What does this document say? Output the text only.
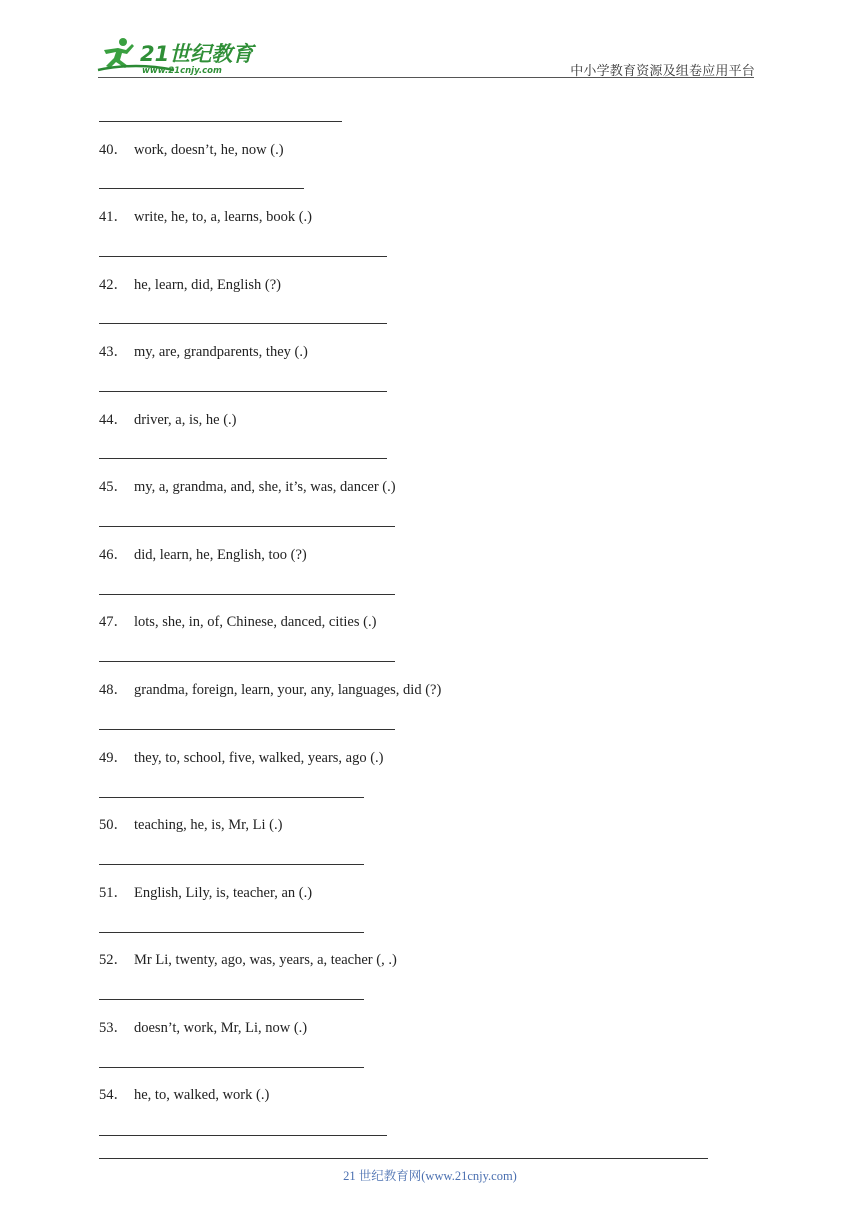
21世纪教育
www.21cnjy.com	中小学教育资源及组卷应用平台
40． work, doesn’t, he, now (.)
41． write, he, to, a, learns, book (.)
42． he, learn, did, English (?)
43． my, are, grandparents, they (.)
44． driver, a, is, he (.)
45． my, a, grandma, and, she, it’s, was, dancer (.)
46． did, learn, he, English, too (?)
47． lots, she, in, of, Chinese, danced, cities (.)
48． grandma, foreign, learn, your, any, languages, did (?)
49． they, to, school, five, walked, years, ago (.)
50． teaching, he, is, Mr, Li (.)
51． English, Lily, is, teacher, an (.)
52． Mr Li, twenty, ago, was, years, a, teacher (, .)
53． doesn’t, work, Mr, Li, now (.)
54． he, to, walked, work (.)
21 世纪教育网(www.21cnjy.com)
